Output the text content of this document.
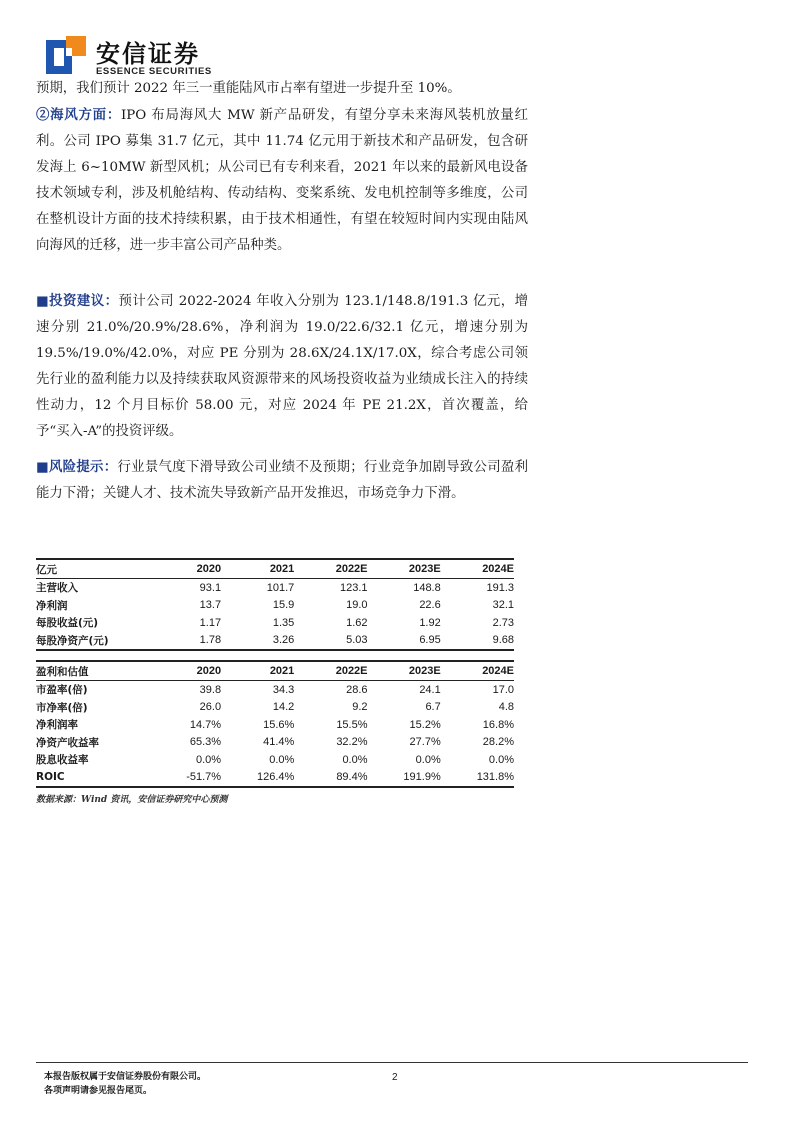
安信证券
ESSENCE SECURITIES

预期，我们预计 2022 年三一重能陆风市占率有望进一步提升至 10%。

②海风方面：IPO 布局海风大 MW 新产品研发，有望分享未来海风装机放量红利。公司 IPO 募集 31.7 亿元，其中 11.74 亿元用于新技术和产品研发，包含研发海上 6~10MW 新型风机；从公司已有专利来看，2021 年以来的最新风电设备技术领域专利，涉及机舱结构、传动结构、变桨系统、发电机控制等多维度，公司在整机设计方面的技术持续积累，由于技术相通性，有望在较短时间内实现由陆风向海风的迁移，进一步丰富公司产品种类。

■投资建议：预计公司 2022-2024 年收入分别为 123.1/148.8/191.3 亿元，增速分别 21.0%/20.9%/28.6%，净利润为 19.0/22.6/32.1 亿元，增速分别为 19.5%/19.0%/42.0%，对应 PE 分别为 28.6X/24.1X/17.0X，综合考虑公司领先行业的盈利能力以及持续获取风资源带来的风场投资收益为业绩成长注入的持续性动力，12 个月目标价 58.00 元，对应 2024 年 PE 21.2X，首次覆盖，给予“买入-A”的投资评级。

■风险提示：行业景气度下滑导致公司业绩不及预期；行业竞争加剧导致公司盈利能力下滑；关键人才、技术流失导致新产品开发推迟，市场竞争力下滑。

亿元	2020	2021	2022E	2023E	2024E
主营收入	93.1	101.7	123.1	148.8	191.3
净利润	13.7	15.9	19.0	22.6	32.1
每股收益(元)	1.17	1.35	1.62	1.92	2.73
每股净资产(元)	1.78	3.26	5.03	6.95	9.68
盈利和估值	2020	2021	2022E	2023E	2024E
市盈率(倍)	39.8	34.3	28.6	24.1	17.0
市净率(倍)	26.0	14.2	9.2	6.7	4.8
净利润率	14.7%	15.6%	15.5%	15.2%	16.8%
净资产收益率	65.3%	41.4%	32.2%	27.7%	28.2%
股息收益率	0.0%	0.0%	0.0%	0.0%	0.0%
ROIC	-51.7%	126.4%	89.4%	191.9%	131.8%
数据来源：Wind 资讯，安信证券研究中心预测
本报告版权属于安信证券股份有限公司。
各项声明请参见报告尾页。
2
